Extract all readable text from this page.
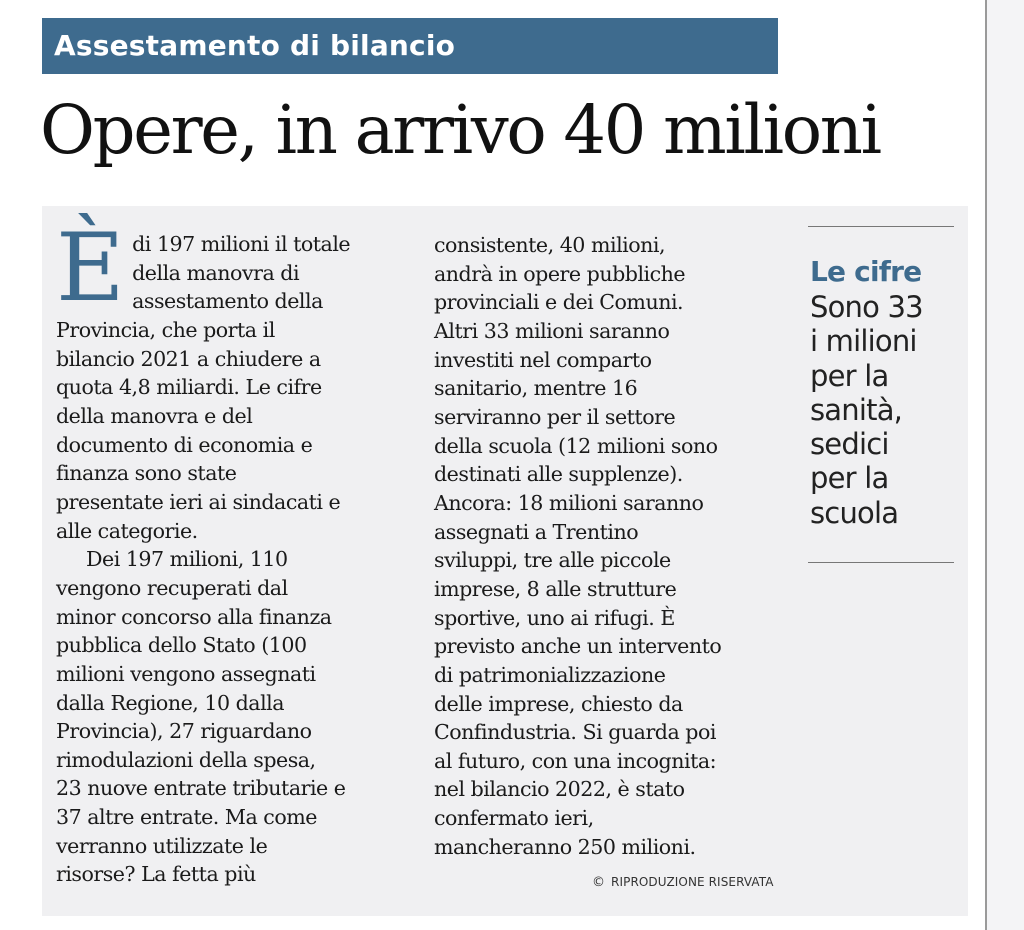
Assestamento di bilancio
Opere, in arrivo 40 milioni

Èdi 197 milioni il totale
della manovra di
assestamento della
Provincia, che porta il
bilancio 2021 a chiudere a
quota 4,8 miliardi. Le cifre
della manovra e del
documento di economia e
finanza sono state
presentate ieri ai sindacati e
alle categorie.

Dei 197 milioni, 110
vengono recuperati dal
minor concorso alla finanza
pubblica dello Stato (100
milioni vengono assegnati
dalla Regione, 10 dalla
Provincia), 27 riguardano
rimodulazioni della spesa,
23 nuove entrate tributarie e
37 altre entrate. Ma come
verranno utilizzate le
risorse? La fetta più

consistente, 40 milioni,
andrà in opere pubbliche
provinciali e dei Comuni.
Altri 33 milioni saranno
investiti nel comparto
sanitario, mentre 16
serviranno per il settore
della scuola (12 milioni sono
destinati alle supplenze).
Ancora: 18 milioni saranno
assegnati a Trentino
sviluppi, tre alle piccole
imprese, 8 alle strutture
sportive, uno ai rifugi. È
previsto anche un intervento
di patrimonializzazione
delle imprese, chiesto da
Confindustria. Si guarda poi
al futuro, con una incognita:
nel bilancio 2022, è stato
confermato ieri,
mancheranno 250 milioni.

© RIPRODUZIONE RISERVATA
Le cifre

Sono 33
i milioni
per la
sanità,
sedici
per la
scuola
